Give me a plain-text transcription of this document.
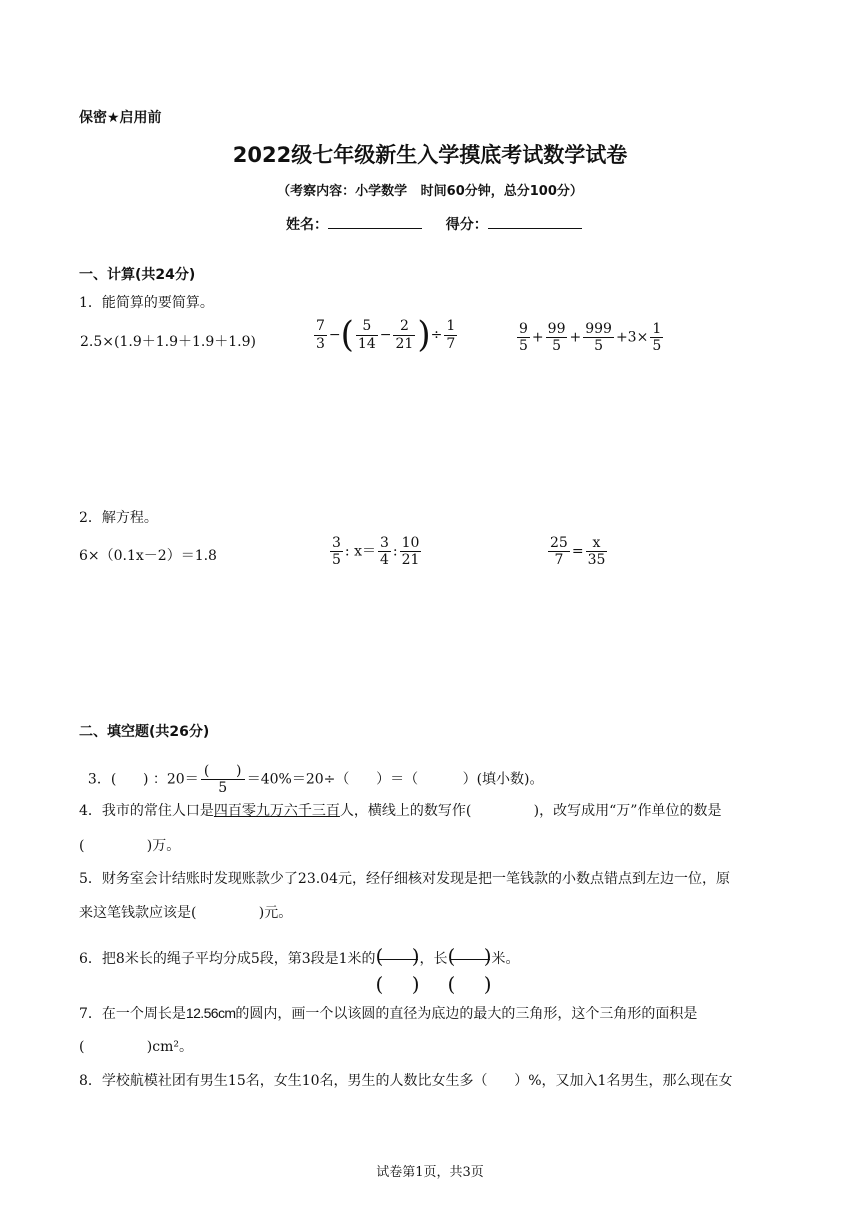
保密★启用前
2022级七年级新生入学摸底考试数学试卷
（考察内容：小学数学   时间60分钟，总分100分）
姓名：	得分：
一、计算(共24分)
1．能简算的要简算。
2.5×(1.9＋1.9＋1.9＋1.9)	$\frac{7}{3}$ −( $\frac{5}{14} - \frac{2}{21}$ )÷ $\frac{1}{7}$	$\frac{9}{5} + \frac{99}{5} + \frac{999}{5} +3\times \frac{1}{5}$
2．解方程。
6×（0.1x－2）＝1.8	$\frac{3}{5}$ : $x= \frac{3}{4}$ : $\frac{10}{21}$	$\frac{25}{7} = \frac{x}{35}$
二、填空题(共26分)

3．(      ) ：$20= \frac{( )}{5} =40\%=20\div$（      ）＝（          ）(填小数)。

4．我市的常住人口是四百零九万六千三百人，横线上的数写作(              )，改写成用“万”作单位的数是
(              )万。
5．财务室会计结账时发现账款少了23.04元，经仔细核对发现是把一笔钱款的小数点错点到左边一位，原
来这笔钱款应该是(              )元。
6．把8米长的绳子平均分成5段，第3段是1米的 ( )
( )
，长 ( )
( )
米。
7．在一个周长是12.56cm的圆内，画一个以该圆的直径为底边的最大的三角形，这个三角形的面积是
(              )cm²。
8．学校航模社团有男生15名，女生10名，男生的人数比女生多（      ）%，又加入1名男生，那么现在女
试卷第1页，共3页
